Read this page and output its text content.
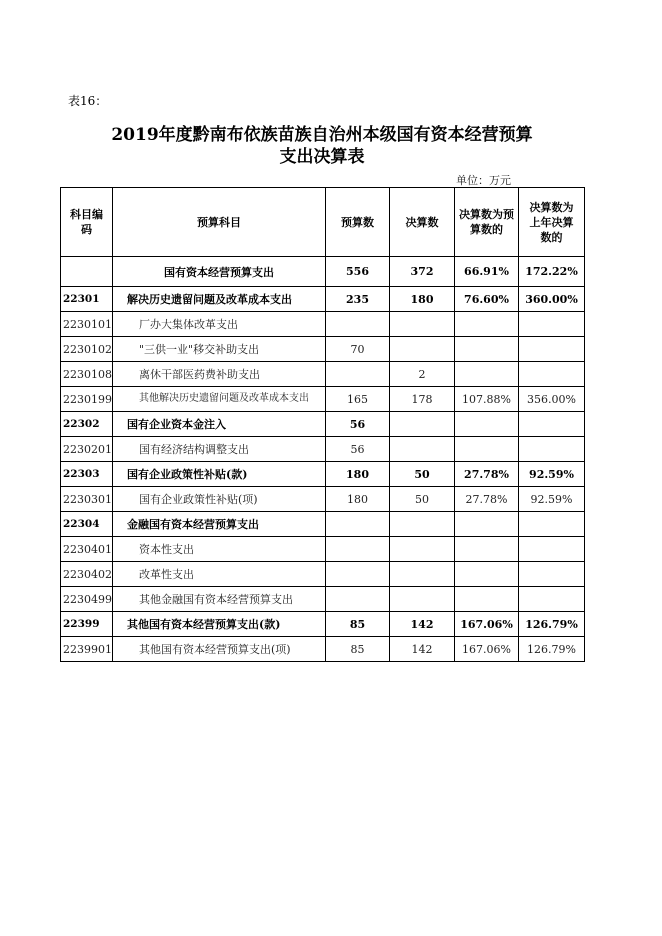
表16：
2019年度黔南布依族苗族自治州本级国有资本经营预算
支出决算表
单位：万元
科目编码	预算科目	预算数	决算数	决算数为预算数的	决算数为上年决算数的
	国有资本经营预算支出	556	372	66.91%	172.22%
22301	解决历史遗留问题及改革成本支出	235	180	76.60%	360.00%
2230101	厂办大集体改革支出				
2230102	"三供一业"移交补助支出	70			
2230108	离休干部医药费补助支出		2		
2230199	其他解决历史遗留问题及改革成本支出	165	178	107.88%	356.00%
22302	国有企业资本金注入	56			
2230201	国有经济结构调整支出	56			
22303	国有企业政策性补贴(款)	180	50	27.78%	92.59%
2230301	国有企业政策性补贴(项)	180	50	27.78%	92.59%
22304	金融国有资本经营预算支出				
2230401	资本性支出				
2230402	改革性支出				
2230499	其他金融国有资本经营预算支出				
22399	其他国有资本经营预算支出(款)	85	142	167.06%	126.79%
2239901	其他国有资本经营预算支出(项)	85	142	167.06%	126.79%
